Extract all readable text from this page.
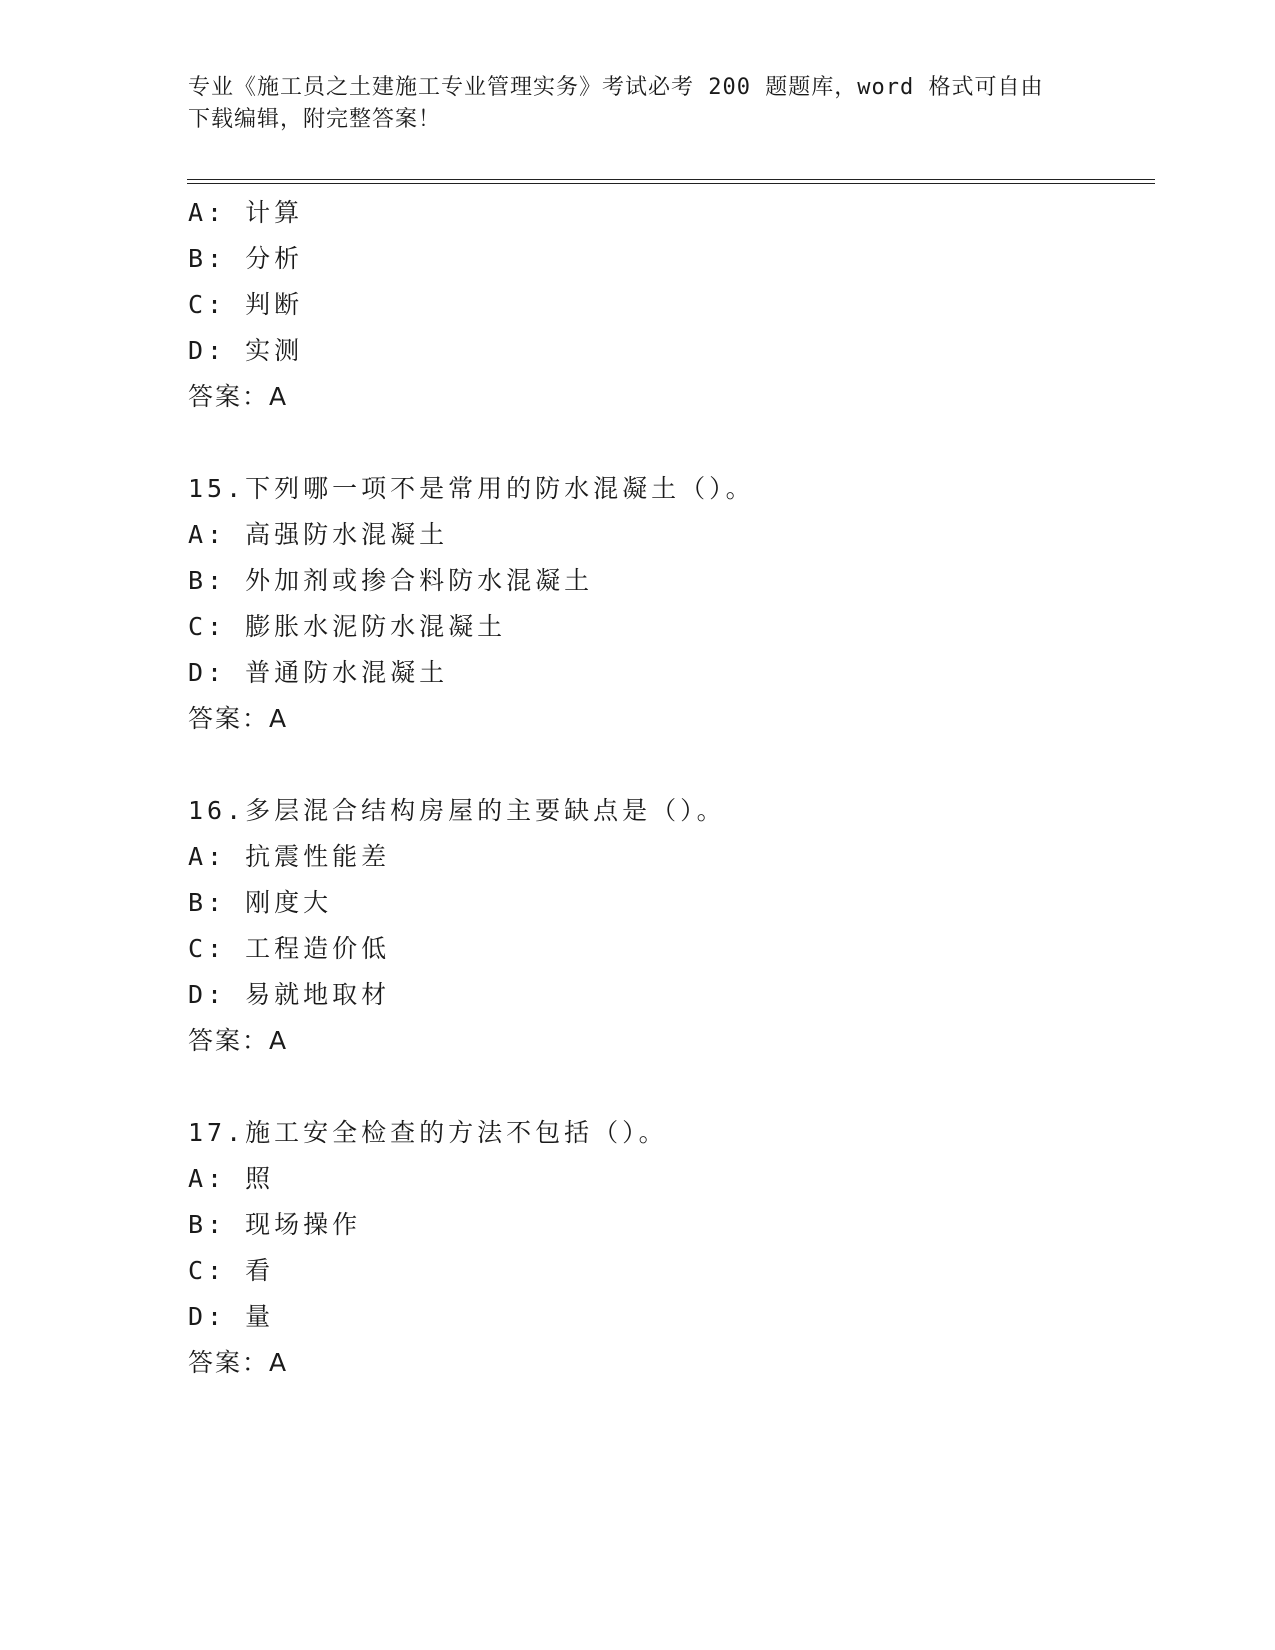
专业《施工员之土建施工专业管理实务》考试必考 200 题题库，word 格式可自由
下载编辑，附完整答案！
A: 计算
B: 分析
C: 判断
D: 实测
答案：A
15.下列哪一项不是常用的防水混凝土（）。
A: 高强防水混凝土
B: 外加剂或掺合料防水混凝土
C: 膨胀水泥防水混凝土
D: 普通防水混凝土
答案：A
16.多层混合结构房屋的主要缺点是（）。
A: 抗震性能差
B: 刚度大
C: 工程造价低
D: 易就地取材
答案：A
17.施工安全检查的方法不包括（）。
A: 照
B: 现场操作
C: 看
D: 量
答案：A
